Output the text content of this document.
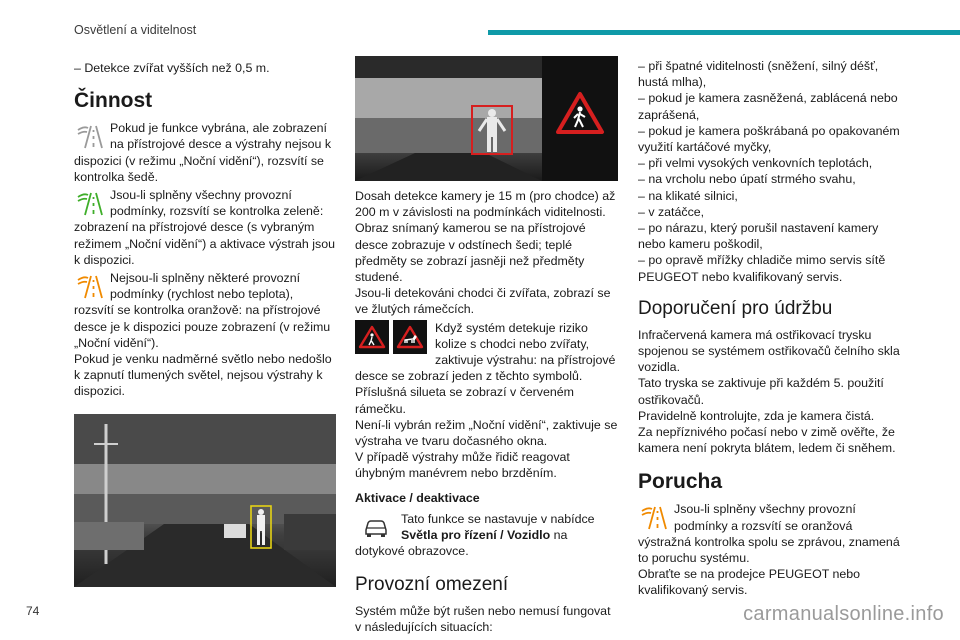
Osvětlení a viditelnost

– Detekce zvířat vyšších než 0,5 m.

Činnost

Pokud je funkce vybrána, ale zobrazení na přístrojové desce a výstrahy nejsou k dispozici (v režimu „Noční vidění“), rozsvítí se kontrolka šedě.

Jsou-li splněny všechny provozní podmínky, rozsvítí se kontrolka zeleně: zobrazení na přístrojové desce (s vybraným režimem „Noční vidění“) a aktivace výstrah jsou k dispozici.

Nejsou-li splněny některé provozní podmínky (rychlost nebo teplota), rozsvítí se kontrolka oranžově: na přístrojové desce je k dispozici pouze zobrazení (v režimu „Noční vidění“).

Pokud je venku nadměrné světlo nebo nedošlo k zapnutí tlumených světel, nejsou výstrahy k dispozici.

Dosah detekce kamery je 15 m (pro chodce) až 200 m v závislosti na podmínkách viditelnosti. Obraz snímaný kamerou se na přístrojové desce zobrazuje v odstínech šedi; teplé předměty se zobrazí jasněji než předměty studené.

Jsou-li detekováni chodci či zvířata, zobrazí se ve žlutých rámečcích.

Když systém detekuje riziko kolize s chodci nebo zvířaty, zaktivuje výstrahu: na přístrojové desce se zobrazí jeden z těchto symbolů. Příslušná silueta se zobrazí v červeném rámečku.

Není-li vybrán režim „Noční vidění“, zaktivuje se výstraha ve tvaru dočasného okna.

V případě výstrahy může řidič reagovat úhybným manévrem nebo brzděním.

Aktivace / deaktivace

Tato funkce se nastavuje v nabídce Světla pro řízení / Vozidlo na dotykové obrazovce.

Provozní omezení

Systém může být rušen nebo nemusí fungovat v následujících situacích:

– při špatné viditelnosti (sněžení, silný déšť, hustá mlha),

– pokud je kamera zasněžená, zablácená nebo zaprášená,

– pokud je kamera poškrábaná po opakovaném využití kartáčové myčky,

– při velmi vysokých venkovních teplotách,

– na vrcholu nebo úpatí strmého svahu,

– na klikaté silnici,

– v zatáčce,

– po nárazu, který porušil nastavení kamery nebo kameru poškodil,

– po opravě mřížky chladiče mimo servis sítě PEUGEOT nebo kvalifikovaný servis.

Doporučení pro údržbu

Infračervená kamera má ostřikovací trysku spojenou se systémem ostřikovačů čelního skla vozidla.

Tato tryska se zaktivuje při každém 5. použití ostřikovačů.

Pravidelně kontrolujte, zda je kamera čistá.

Za nepříznivého počasí nebo v zimě ověřte, že kamera není pokryta blátem, ledem či sněhem.

Porucha

Jsou-li splněny všechny provozní podmínky a rozsvítí se oranžová výstražná kontrolka spolu se zprávou, znamená to poruchu systému.

Obraťte se na prodejce PEUGEOT nebo kvalifikovaný servis.

74	carmanualsonline.info
